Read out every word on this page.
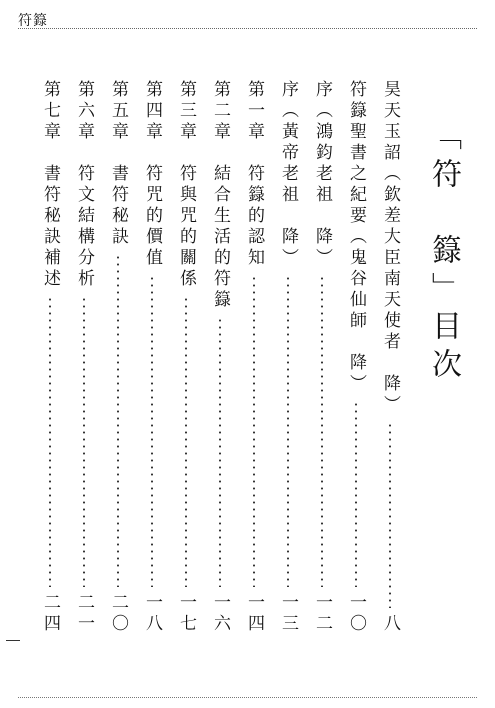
符籙
「符　籙」目次
昊天玉詔（欽差大臣南天使者　降）
八
符籙聖書之紀要（鬼谷仙師　降）
一〇
序（鴻鈞老祖　降）
一二
序（黃帝老祖　降）
一三
第一章　符籙的認知
一四
第二章　結合生活的符籙
一六
第三章　符與咒的關係
一七
第四章　符咒的價值
一八
第五章　書符秘訣
二〇
第六章　符文結構分析
二一
第七章　書符秘訣補述
二四
